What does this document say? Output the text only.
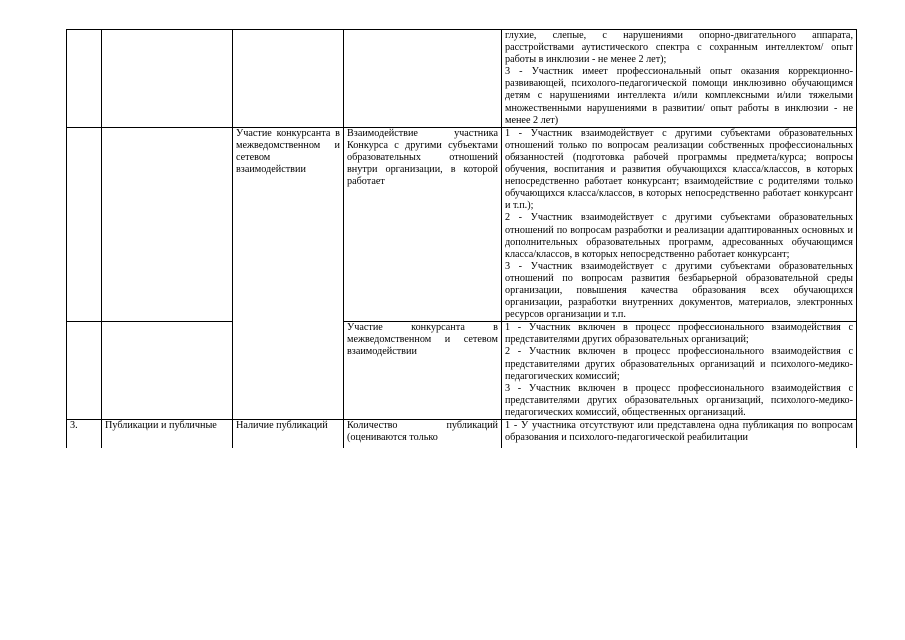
				глухие, слепые, с нарушениями опорно-двигательного аппарата, расстройствами аутистического спектра с сохранным интеллектом/ опыт работы в инклюзии - не менее 2 лет);

3 - Участник имеет профессиональный опыт оказания коррекционно-развивающей, психолого-педагогической помощи инклюзивно обучающимся детям с нарушениями интеллекта и/или комплексными и/или тяжелыми множественными нарушениями в развитии/ опыт работы в инклюзии - не менее 2 лет)

		Участие конкурсанта в межведомственном и сетевом взаимодействии	Взаимодействие участника Конкурса с другими субъектами образовательных отношений внутри организации, в которой работает	1 - Участник взаимодействует с другими субъектами образовательных отношений только по вопросам реализации собственных профессиональных обязанностей (подготовка рабочей программы предмета/курса; вопросы обучения, воспитания и развития обучающихся класса/классов, в которых непосредственно работает конкурсант; взаимодействие с родителями только обучающихся класса/классов, в которых непосредственно работает конкурсант и т.п.);

2 - Участник взаимодействует с другими субъектами образовательных отношений по вопросам разработки и реализации адаптированных основных и дополнительных образовательных программ, адресованных обучающимся класса/классов, в которых непосредственно работает конкурсант;

3 - Участник взаимодействует с другими субъектами образовательных отношений по вопросам развития безбарьерной образовательной среды организации, повышения качества образования всех обучающихся организации, разработки внутренних документов, материалов, электронных ресурсов организации и т.п.

			Участие конкурсанта в межведомственном и сетевом взаимодействии	1 - Участник включен в процесс профессионального взаимодействия с представителями других образовательных организаций;

2 - Участник включен в процесс профессионального взаимодействия с представителями других образовательных организаций и психолого-медико- педагогических комиссий;

3 - Участник включен в процесс профессионального взаимодействия с представителями других образовательных организаций, психолого-медико-педагогических комиссий, общественных организаций.

3.	Публикации и публичные	Наличие публикаций	Количество публикаций (оцениваются только	1 - У участника отсутствуют или представлена одна публикация по вопросам образования и психолого-педагогической реабилитации
